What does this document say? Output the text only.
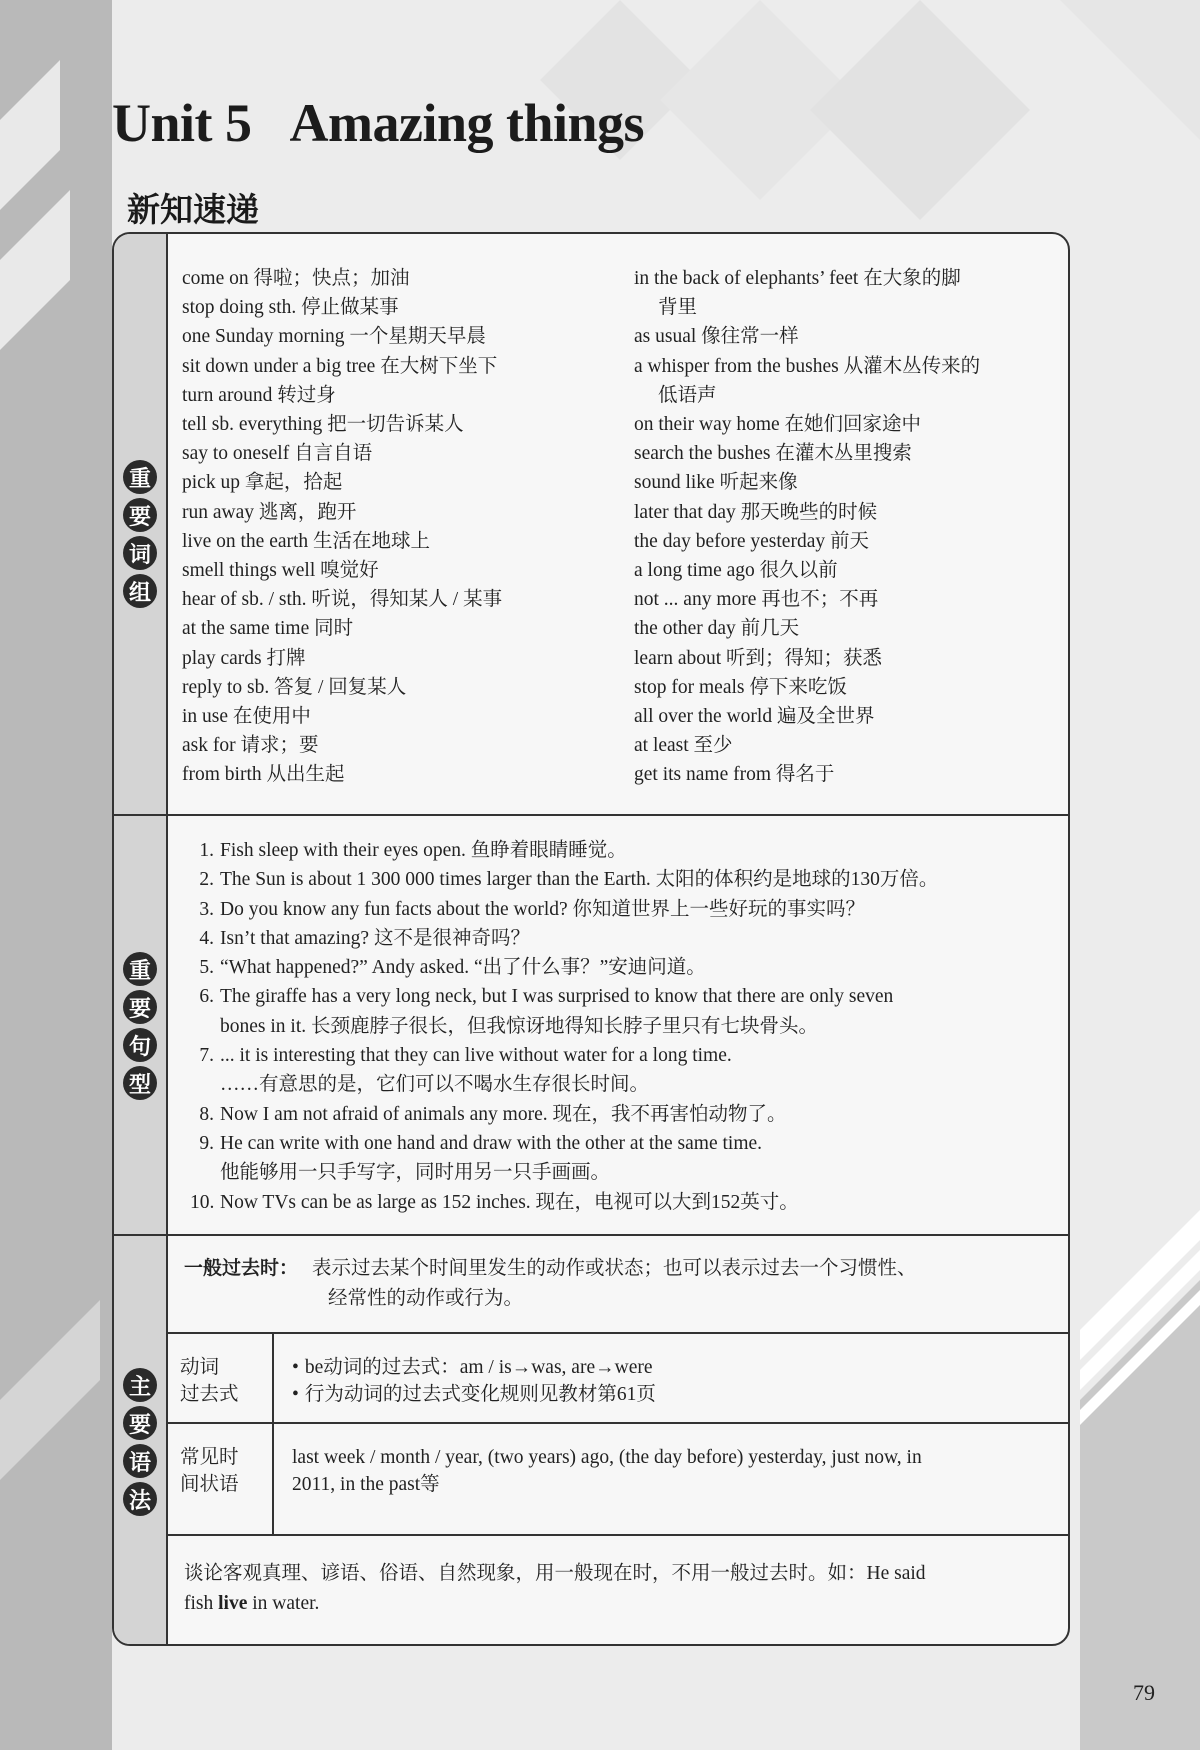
Unit 5 Amazing things
新知速递
重
要
词
组
come on 得啦；快点；加油
stop doing sth. 停止做某事
one Sunday morning 一个星期天早晨
sit down under a big tree 在大树下坐下
turn around 转过身
tell sb. everything 把一切告诉某人
say to oneself 自言自语
pick up 拿起，拾起
run away 逃离，跑开
live on the earth 生活在地球上
smell things well 嗅觉好
hear of sb. / sth. 听说，得知某人 / 某事
at the same time 同时
play cards 打牌
reply to sb. 答复 / 回复某人
in use 在使用中
ask for 请求；要
from birth 从出生起
in the back of elephants’ feet 在大象的脚
背里
as usual 像往常一样
a whisper from the bushes 从灌木丛传来的
低语声
on their way home 在她们回家途中
search the bushes 在灌木丛里搜索
sound like 听起来像
later that day 那天晚些的时候
the day before yesterday 前天
a long time ago 很久以前
not ... any more 再也不；不再
the other day 前几天
learn about 听到；得知；获悉
stop for meals 停下来吃饭
all over the world 遍及全世界
at least 至少
get its name from 得名于
重
要
句
型
1. Fish sleep with their eyes open. 鱼睁着眼睛睡觉。
2. The Sun is about 1 300 000 times larger than the Earth. 太阳的体积约是地球的130万倍。
3. Do you know any fun facts about the world? 你知道世界上一些好玩的事实吗？
4. Isn’t that amazing? 这不是很神奇吗？
5. “What happened?” Andy asked. “出了什么事？”安迪问道。
6. The giraffe has a very long neck, but I was surprised to know that there are only seven
bones in it. 长颈鹿脖子很长，但我惊讶地得知长脖子里只有七块骨头。
7. ... it is interesting that they can live without water for a long time.
……有意思的是，它们可以不喝水生存很长时间。
8. Now I am not afraid of animals any more. 现在，我不再害怕动物了。
9. He can write with one hand and draw with the other at the same time.
他能够用一只手写字，同时用另一只手画画。
10. Now TVs can be as large as 152 inches. 现在，电视可以大到152英寸。
主
要
语
法
一般过去时： 表示过去某个时间里发生的动作或状态；也可以表示过去一个习惯性、
经常性的动作或行为。
动词
过去式
• be动词的过去式：am / is→was, are→were
• 行为动词的过去式变化规则见教材第61页
常见时
间状语
last week / month / year, (two years) ago, (the day before) yesterday, just now, in
2011, in the past等
谈论客观真理、谚语、俗语、自然现象，用一般现在时，不用一般过去时。如：He said
fish live in water.
79
